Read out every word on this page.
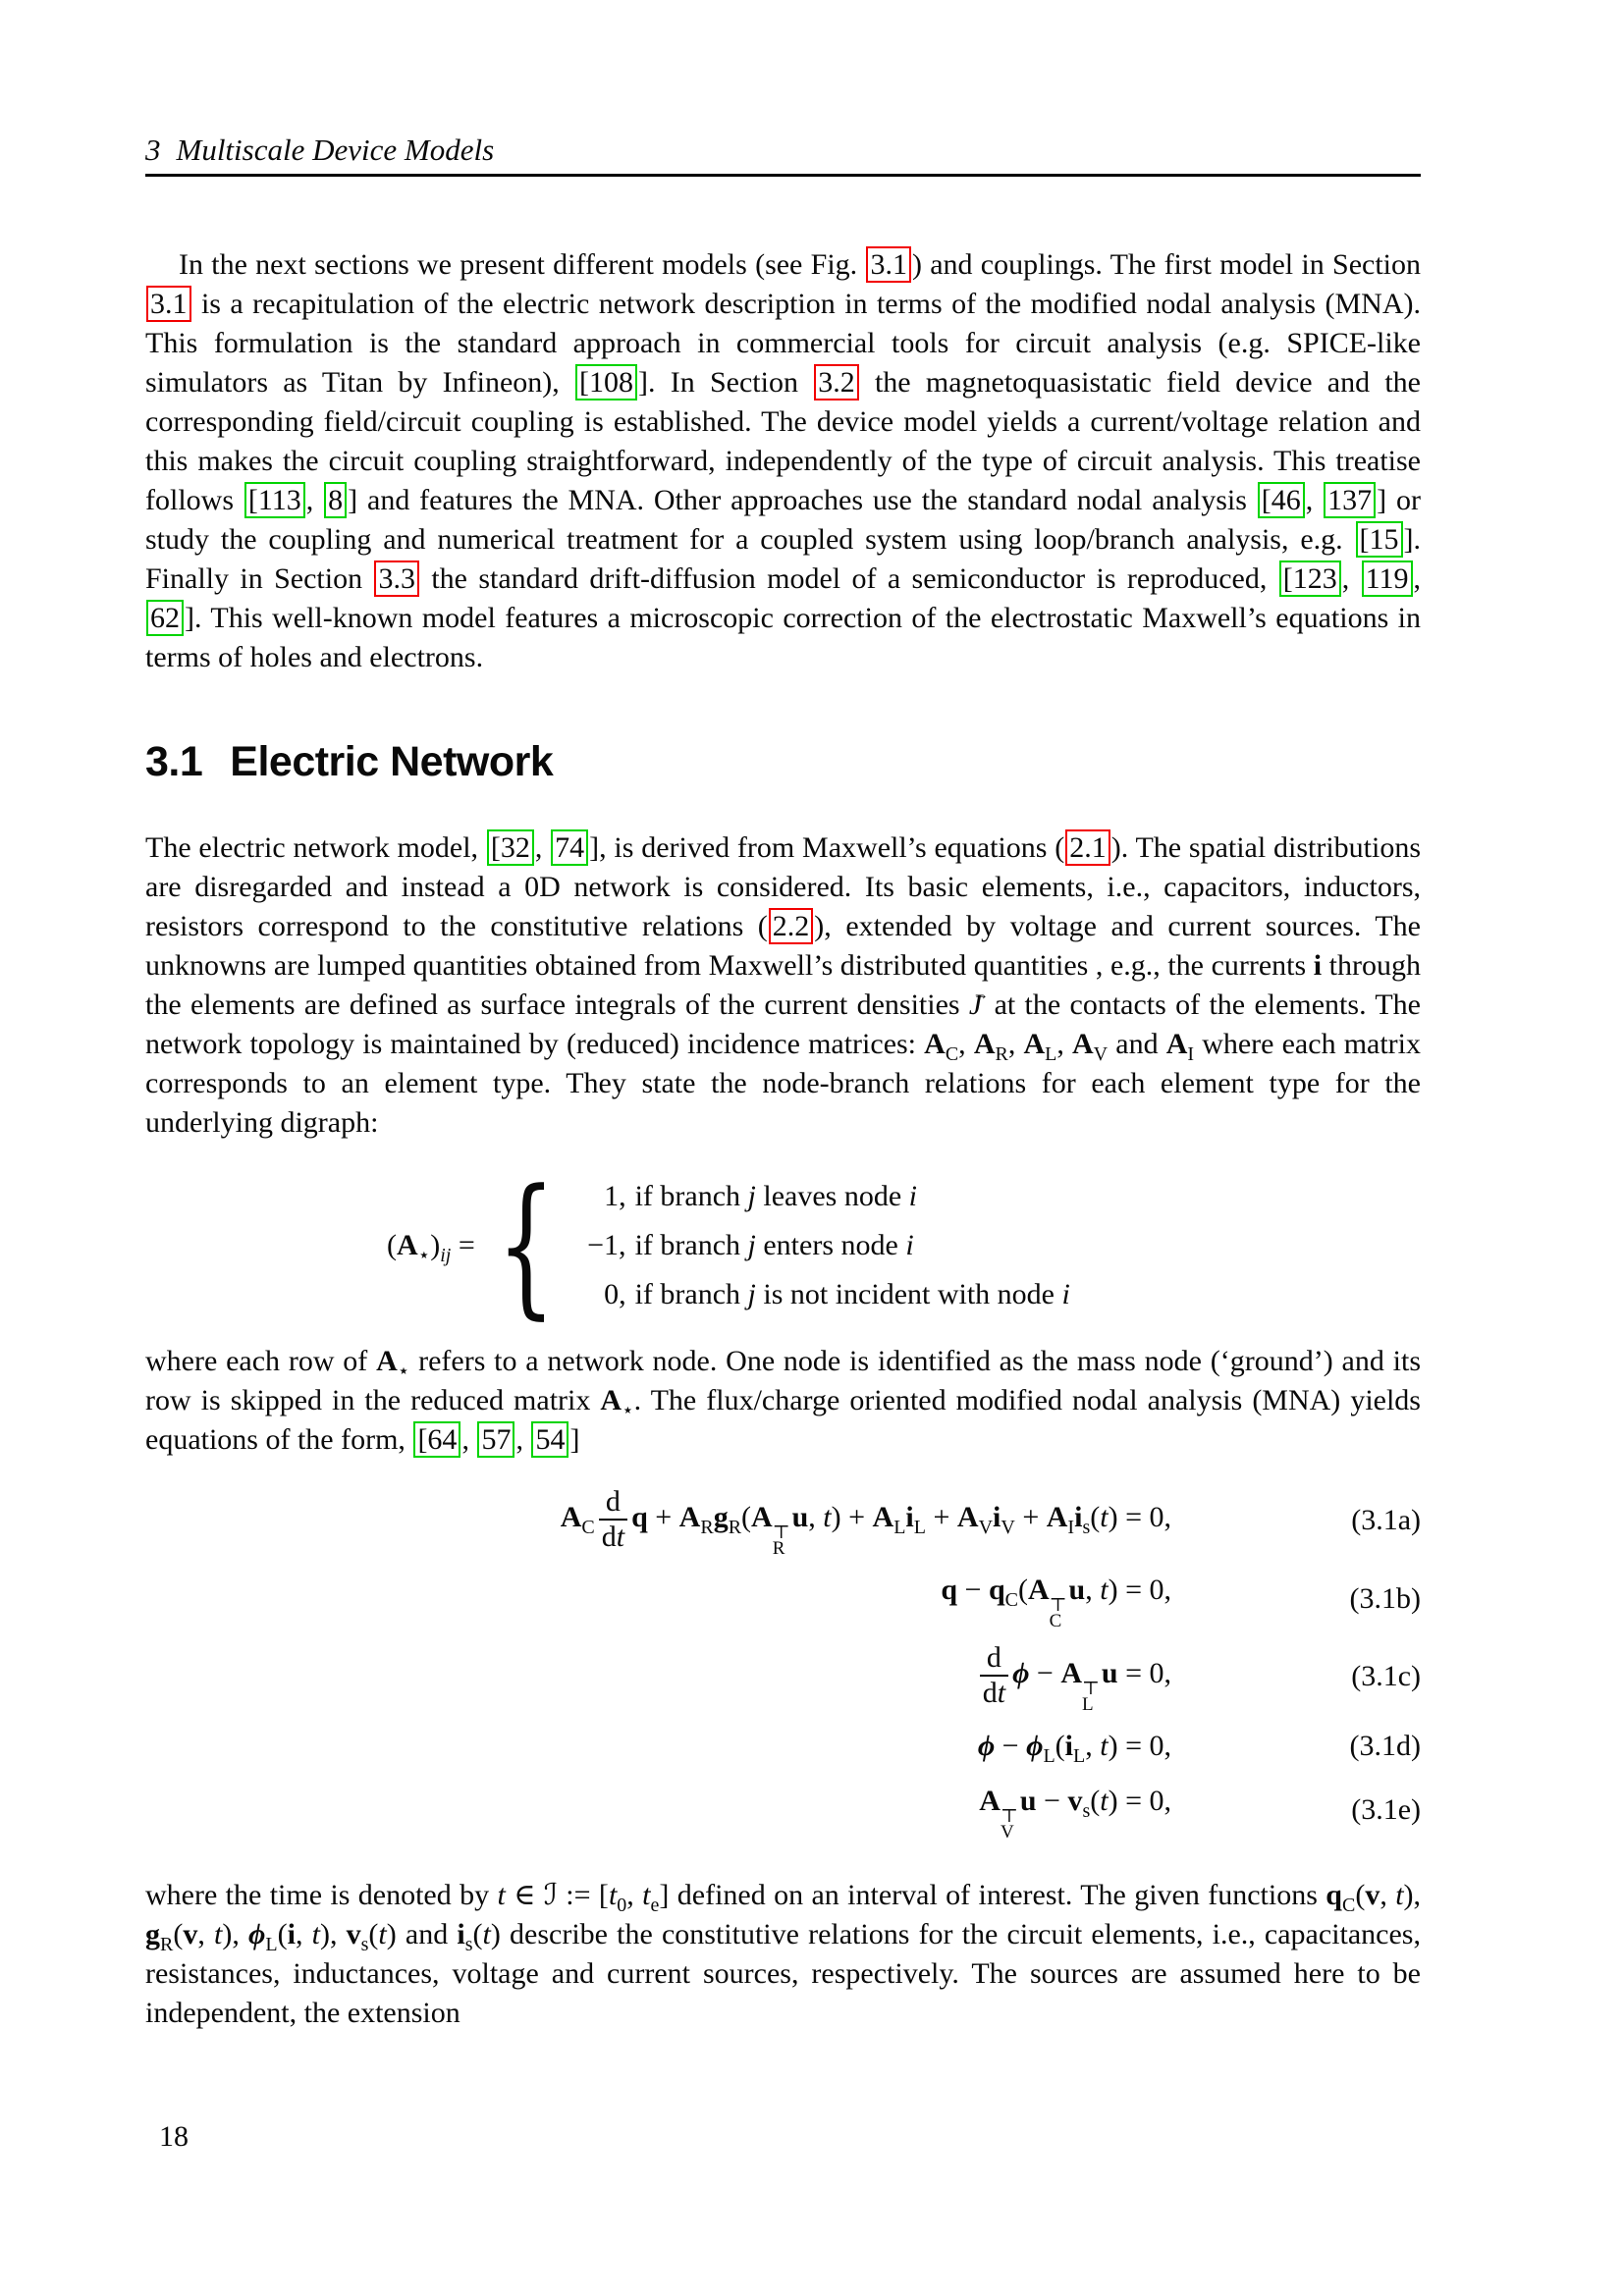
3 Multiscale Device Models
In the next sections we present different models (see Fig. 3.1 ) and couplings. The first model in Section 3.1 is a recapitulation of the electric network description in terms of the modified nodal analysis (MNA). This formulation is the standard approach in commercial tools for circuit analysis (e.g. SPICE-like simulators as Titan by Infineon), [108 ]. In Section 3.2 the magnetoquasistatic field device and the corresponding field/circuit coupling is established. The device model yields a current/voltage relation and this makes the circuit coupling straightforward, independently of the type of circuit analysis. This treatise follows [113 , 8 ] and features the MNA. Other approaches use the standard nodal analysis [46 , 137 ] or study the coupling and numerical treatment for a coupled system using loop/branch analysis, e.g. [15 ]. Finally in Section 3.3 the standard drift-diffusion model of a semiconductor is reproduced, [123 , 119 , 62 ]. This well-known model features a microscopic correction of the electrostatic Maxwell’s equations in terms of holes and electrons.
3.1 Electric Network
The electric network model, [32 , 74 ], is derived from Maxwell’s equations ( 2.1 ). The spatial distributions are disregarded and instead a 0D network is considered. Its basic elements, i.e., capacitors, inductors, resistors correspond to the constitutive relations ( 2.2 ), extended by voltage and current sources. The unknowns are lumped quantities obtained from Maxwell’s distributed quantities , e.g., the currents i through the elements are defined as surface integrals of the current densities J → at the contacts of the elements. The network topology is maintained by (reduced) incidence matrices: $A_C$, $A_R$, $A_L$, $A_V$ and $A_I$ where each matrix corresponds to an element type. They state the node-branch relations for each element type for the underlying digraph:
$(A_⋆)_{ij}$ = {	1, if branch j leaves node i
−1, if branch j enters node i
0, if branch j is not incident with node i
where each row of $A_⋆$ refers to a network node. One node is identified as the mass node (‘ground’) and its row is skipped in the reduced matrix $A_⋆$. The flux/charge oriented modified nodal analysis (MNA) yields equations of the form, [64 , 57 , 54 ]
$A_C \frac{d}{dt}$ $q + A_Rg_R(A$ ⊤
R
u, $t) + A_Li_L + A_Vi_V + A_Ii_s(t) = 0$,	(3.1a)
$q - q_C(A$ ⊤
C
u, t) = 0,	(3.1b)
$\frac{d}{dt}$ ϕ − A ⊤
L
u = 0,	(3.1c)
$\phi - \phi_L(i_L$, t) = 0,	(3.1d)
A ⊤
V
$u - v_s(t) = 0$,	(3.1e)
where the time is denoted by t ∈ ℐ := [$t_0$, $t_e$] defined on an interval of interest. The given functions $q_C(v$, t), $g_R(v$, t), $\phi_L(i$, t), $v_s(t)$ and $i_s(t)$ describe the constitutive relations for the circuit elements, i.e., capacitances, resistances, inductances, voltage and current sources, respectively. The sources are assumed here to be independent, the extension
18
